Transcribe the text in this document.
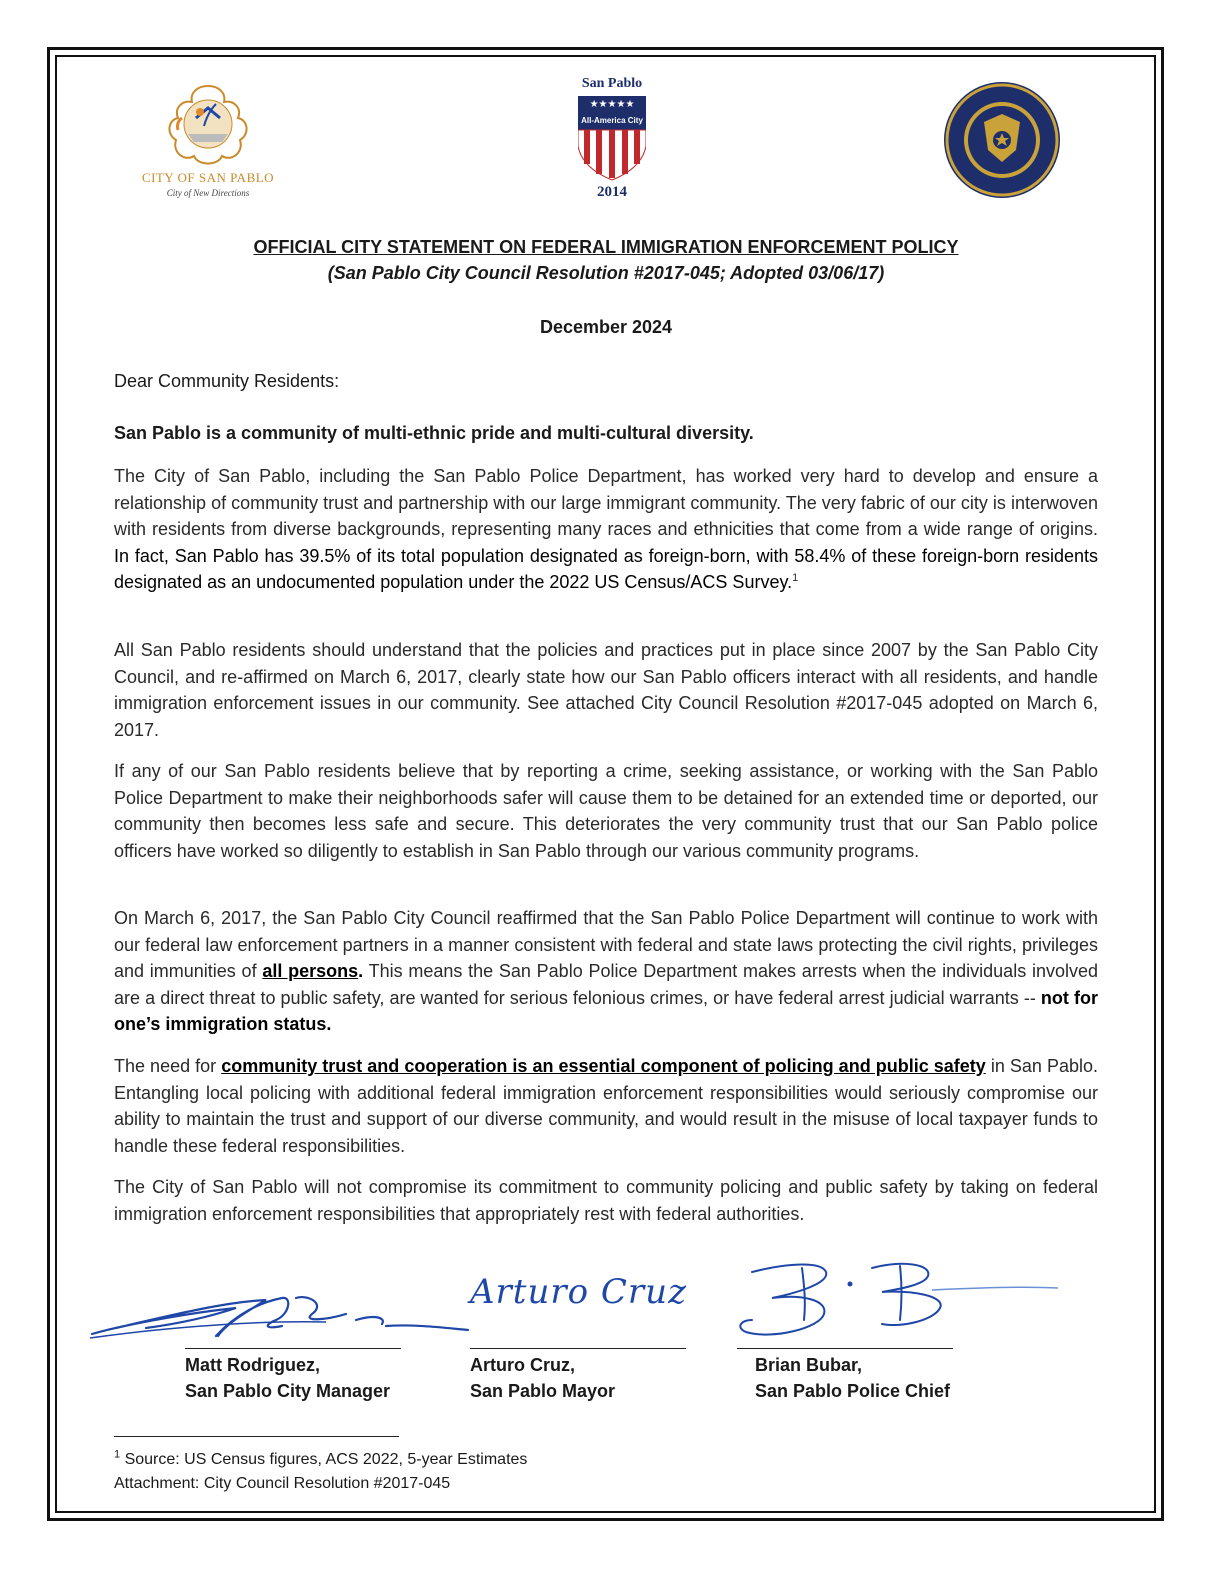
CITY OF SAN PABLO
City of New Directions
San Pablo
★★★★★
All-America City
2014
OFFICIAL CITY STATEMENT ON FEDERAL IMMIGRATION ENFORCEMENT POLICY
(San Pablo City Council Resolution #2017-045; Adopted 03/06/17)
December 2024
Dear Community Residents:
San Pablo is a community of multi-ethnic pride and multi-cultural diversity.
The City of San Pablo, including the San Pablo Police Department, has worked very hard to develop and ensure a relationship of community trust and partnership with our large immigrant community. The very fabric of our city is interwoven with residents from diverse backgrounds, representing many races and ethnicities that come from a wide range of origins. In fact, San Pablo has 39.5% of its total population designated as foreign-born, with 58.4% of these foreign-born residents designated as an undocumented population under the 2022 US Census/ACS Survey.$^1$
All San Pablo residents should understand that the policies and practices put in place since 2007 by the San Pablo City Council, and re-affirmed on March 6, 2017, clearly state how our San Pablo officers interact with all residents, and handle immigration enforcement issues in our community. See attached City Council Resolution #2017-045 adopted on March 6, 2017.
If any of our San Pablo residents believe that by reporting a crime, seeking assistance, or working with the San Pablo Police Department to make their neighborhoods safer will cause them to be detained for an extended time or deported, our community then becomes less safe and secure. This deteriorates the very community trust that our San Pablo police officers have worked so diligently to establish in San Pablo through our various community programs.
On March 6, 2017, the San Pablo City Council reaffirmed that the San Pablo Police Department will continue to work with our federal law enforcement partners in a manner consistent with federal and state laws protecting the civil rights, privileges and immunities of all persons. This means the San Pablo Police Department makes arrests when the individuals involved are a direct threat to public safety, are wanted for serious felonious crimes, or have federal arrest judicial warrants -- not for one’s immigration status.
The need for community trust and cooperation is an essential component of policing and public safety in San Pablo. Entangling local policing with additional federal immigration enforcement responsibilities would seriously compromise our ability to maintain the trust and support of our diverse community, and would result in the misuse of local taxpayer funds to handle these federal responsibilities.
The City of San Pablo will not compromise its commitment to community policing and public safety by taking on federal immigration enforcement responsibilities that appropriately rest with federal authorities.
Arturo Cruz
Matt Rodriguez,
San Pablo City Manager
Arturo Cruz,
San Pablo Mayor
Brian Bubar,
San Pablo Police Chief
$^1$ Source: US Census figures, ACS 2022, 5-year Estimates
Attachment: City Council Resolution #2017-045
